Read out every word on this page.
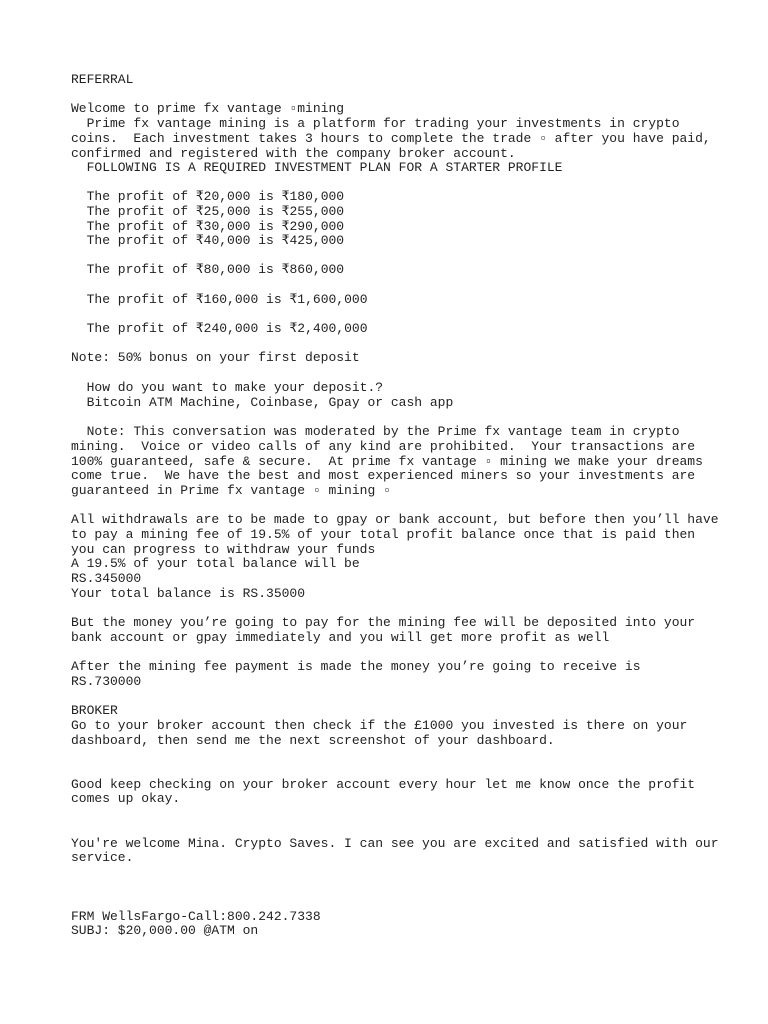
REFERRAL
Welcome to prime fx vantage ▫mining
Prime fx vantage mining is a platform for trading your investments in crypto
coins.  Each investment takes 3 hours to complete the trade ▫ after you have paid,
confirmed and registered with the company broker account.
FOLLOWING IS A REQUIRED INVESTMENT PLAN FOR A STARTER PROFILE
The profit of ₹20,000 is ₹180,000
The profit of ₹25,000 is ₹255,000
The profit of ₹30,000 is ₹290,000
The profit of ₹40,000 is ₹425,000
The profit of ₹80,000 is ₹860,000
The profit of ₹160,000 is ₹1,600,000
The profit of ₹240,000 is ₹2,400,000
Note: 50% bonus on your first deposit
How do you want to make your deposit.?
Bitcoin ATM Machine, Coinbase, Gpay or cash app
Note: This conversation was moderated by the Prime fx vantage team in crypto
mining.  Voice or video calls of any kind are prohibited.  Your transactions are
100% guaranteed, safe & secure.  At prime fx vantage ▫ mining we make your dreams
come true.  We have the best and most experienced miners so your investments are
guaranteed in Prime fx vantage ▫ mining ▫
All withdrawals are to be made to gpay or bank account, but before then you’ll have
to pay a mining fee of 19.5% of your total profit balance once that is paid then
you can progress to withdraw your funds
A 19.5% of your total balance will be
RS.345000
Your total balance is RS.35000
But the money you’re going to pay for the mining fee will be deposited into your
bank account or gpay immediately and you will get more profit as well
After the mining fee payment is made the money you’re going to receive is
RS.730000
BROKER
Go to your broker account then check if the £1000 you invested is there on your
dashboard, then send me the next screenshot of your dashboard.
Good keep checking on your broker account every hour let me know once the profit
comes up okay.
You're welcome Mina. Crypto Saves. I can see you are excited and satisfied with our
service.
FRM WellsFargo-Call:800.242.7338
SUBJ: $20,000.00 @ATM on
